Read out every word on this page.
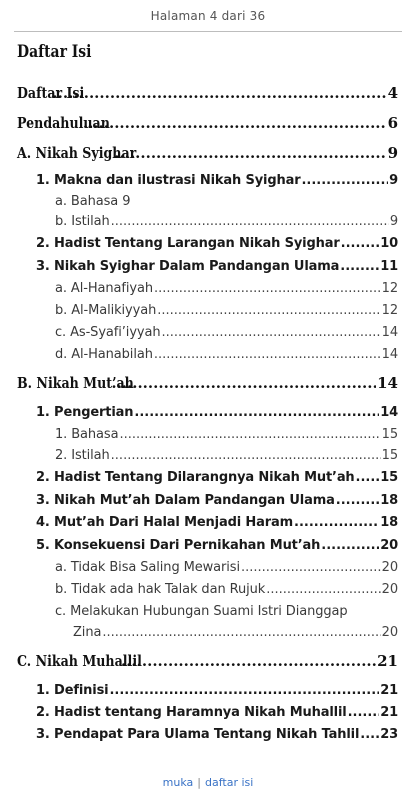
Halaman 4 dari 36
Daftar Isi
Daftar Isi .....	4
Pendahuluan .....	6
A. Nikah Syighar .....	9
1. Makna dan ilustrasi Nikah Syighar .....	9
a. Bahasa 9
b. Istilah .....	9
2. Hadist Tentang Larangan Nikah Syighar .....	10
3. Nikah Syighar Dalam Pandangan Ulama .....	11
a. Al-Hanafiyah .....	12
b. Al-Malikiyyah .....	12
c. As-Syafi’iyyah .....	14
d. Al-Hanabilah .....	14
B. Nikah Mut’ah .....	14
1. Pengertian .....	14
1. Bahasa .....	15
2. Istilah .....	15
2. Hadist Tentang Dilarangnya Nikah Mut’ah ..... 15
3. Nikah Mut’ah Dalam Pandangan Ulama .....	18
4. Mut’ah Dari Halal Menjadi Haram .....	18
5. Konsekuensi Dari Pernikahan Mut’ah .....	20
a. Tidak Bisa Saling Mewarisi .....	20
b. Tidak ada hak Talak dan Rujuk .....	20
c. Melakukan Hubungan Suami Istri Dianggap
Zina .....	20
C. Nikah Muhallil .....	21
1. Definisi .....	21
2. Hadist tentang Haramnya Nikah Muhallil .....	21
3. Pendapat Para Ulama Tentang Nikah Tahlil ..... 23
muka | daftar isi
